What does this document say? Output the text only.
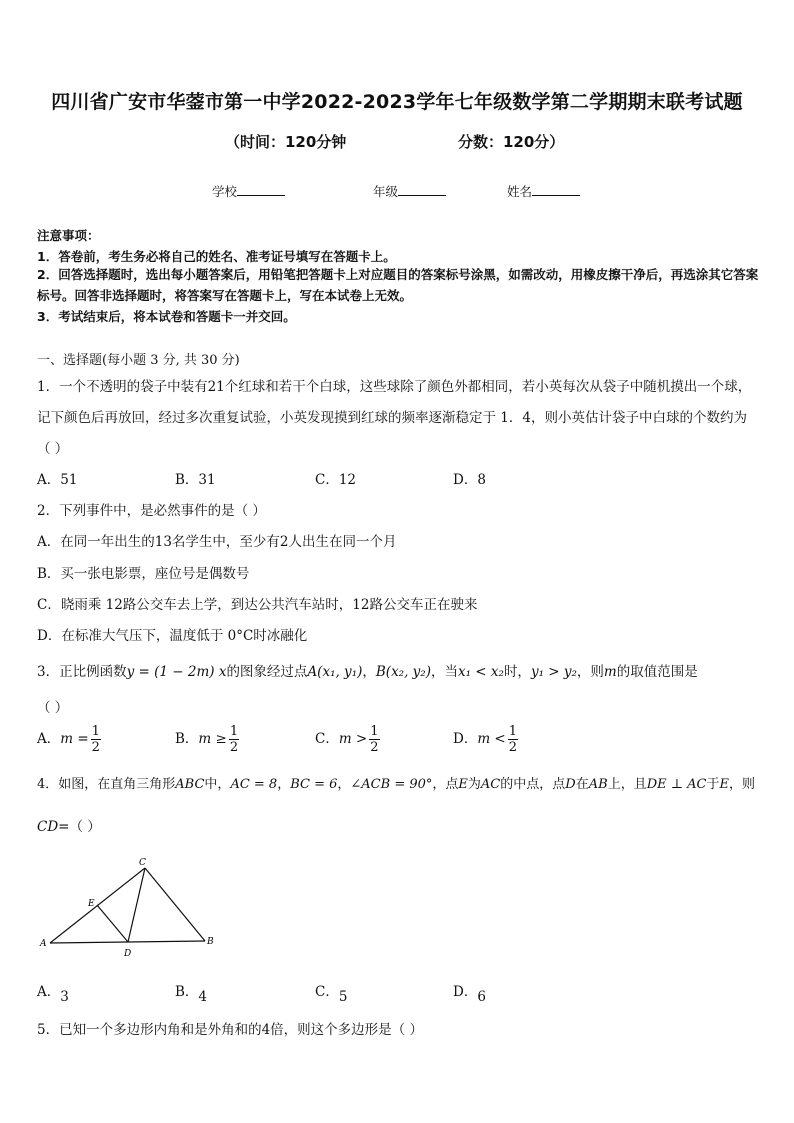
四川省广安市华蓥市第一中学2022-2023学年七年级数学第二学期期末联考试题
（时间：120分钟	分数：120分）
学校	年级	姓名
注意事项：
1．答卷前，考生务必将自己的姓名、准考证号填写在答题卡上。
2．回答选择题时，选出每小题答案后，用铅笔把答题卡上对应题目的答案标号涂黑，如需改动，用橡皮擦干净后，再选涂其它答案标号。回答非选择题时，将答案写在答题卡上，写在本试卷上无效。
3．考试结束后，将本试卷和答题卡一并交回。
一、选择题(每小题 3 分, 共 30 分)
1．一个不透明的袋子中装有21个红球和若干个白球，这些球除了颜色外都相同，若小英每次从袋子中随机摸出一个球，记下颜色后再放回，经过多次重复试验，小英发现摸到红球的频率逐渐稳定于 1．4，则小英估计袋子中白球的个数约为（ ）
A．51	B．31	C．12	D．8
2．下列事件中，是必然事件的是（ ）
A．在同一年出生的13名学生中，至少有2人出生在同一个月
B．买一张电影票，座位号是偶数号
C．晓雨乘 12路公交车去上学，到达公共汽车站时，12路公交车正在驶来
D．在标准大气压下，温度低于 0°C时冰融化
3．正比例函数y = (1 − 2m) x的图象经过点A(x₁, y₁)，B(x₂, y₂)，当x₁ < x₂时，y₁ > y₂，则m的取值范围是
（ ）
A．$m = \frac{1}{2}$	B．$m \ge \frac{1}{2}$	C．$m > \frac{1}{2}$	D．$m < \frac{1}{2}$
4．如图，在直角三角形ABC中，AC = 8，BC = 6，∠ACB = 90°，点E为AC的中点，点D在AB上，且DE ⊥ AC于E，则
CD=（ ）
A	B
C
D
E
A．3	B．4	C．5	D．6
5．已知一个多边形内角和是外角和的4倍，则这个多边形是（ ）
